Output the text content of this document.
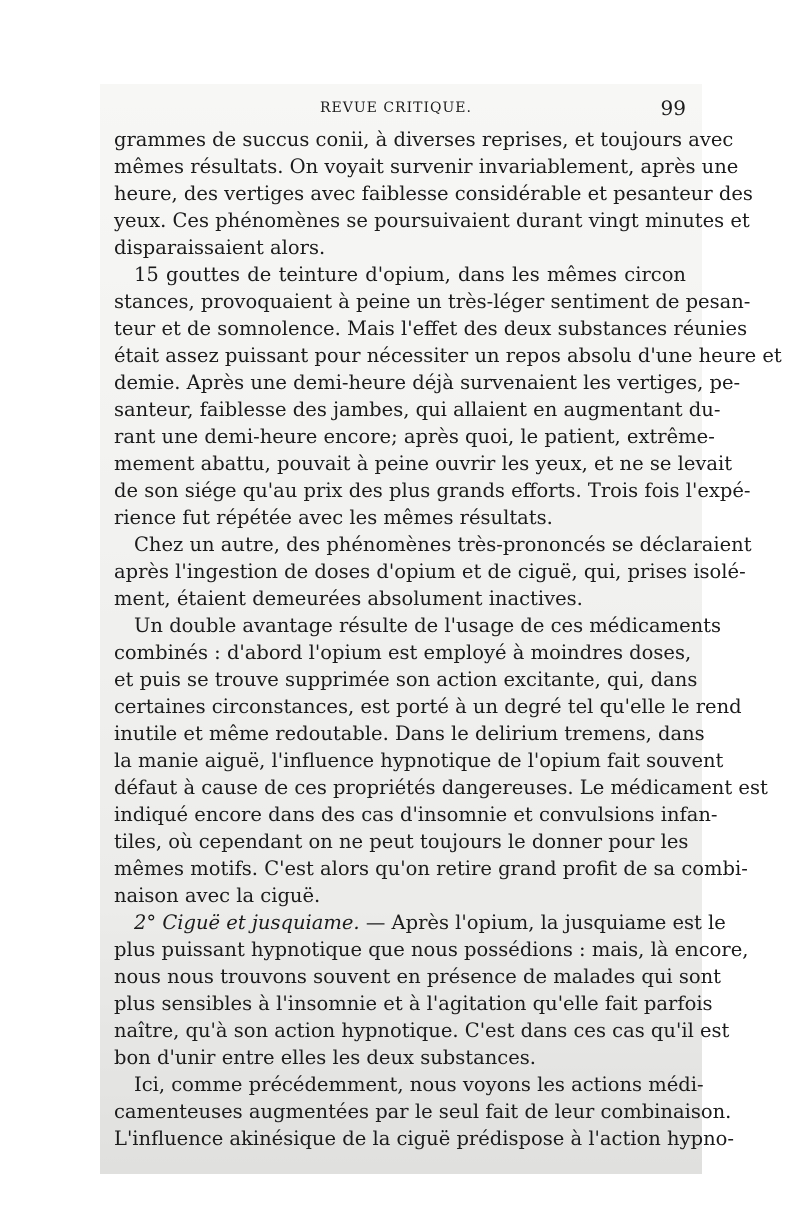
REVUE CRITIQUE.	99
grammes de succus conii, à diverses reprises, et toujours avec
mêmes résultats. On voyait survenir invariablement, après une
heure, des vertiges avec faiblesse considérable et pesanteur des
yeux. Ces phénomènes se poursuivaient durant vingt minutes et
disparaissaient alors.
15 gouttes de teinture d'opium, dans les mêmes circon
stances, provoquaient à peine un très-léger sentiment de pesan-
teur et de somnolence. Mais l'effet des deux substances réunies
était assez puissant pour nécessiter un repos absolu d'une heure et
demie. Après une demi-heure déjà survenaient les vertiges, pe-
santeur, faiblesse des jambes, qui allaient en augmentant du-
rant une demi-heure encore; après quoi, le patient, extrême-
mement abattu, pouvait à peine ouvrir les yeux, et ne se levait
de son siége qu'au prix des plus grands efforts. Trois fois l'expé-
rience fut répétée avec les mêmes résultats.
Chez un autre, des phénomènes très-prononcés se déclaraient
après l'ingestion de doses d'opium et de ciguë, qui, prises isolé-
ment, étaient demeurées absolument inactives.
Un double avantage résulte de l'usage de ces médicaments
combinés : d'abord l'opium est employé à moindres doses,
et puis se trouve supprimée son action excitante, qui, dans
certaines circonstances, est porté à un degré tel qu'elle le rend
inutile et même redoutable. Dans le delirium tremens, dans
la manie aiguë, l'influence hypnotique de l'opium fait souvent
défaut à cause de ces propriétés dangereuses. Le médicament est
indiqué encore dans des cas d'insomnie et convulsions infan-
tiles, où cependant on ne peut toujours le donner pour les
mêmes motifs. C'est alors qu'on retire grand profit de sa combi-
naison avec la ciguë.
2° Ciguë et jusquiame. — Après l'opium, la jusquiame est le
plus puissant hypnotique que nous possédions : mais, là encore,
nous nous trouvons souvent en présence de malades qui sont
plus sensibles à l'insomnie et à l'agitation qu'elle fait parfois
naître, qu'à son action hypnotique. C'est dans ces cas qu'il est
bon d'unir entre elles les deux substances.
Ici, comme précédemment, nous voyons les actions médi-
camenteuses augmentées par le seul fait de leur combinaison.
L'influence akinésique de la ciguë prédispose à l'action hypno-
